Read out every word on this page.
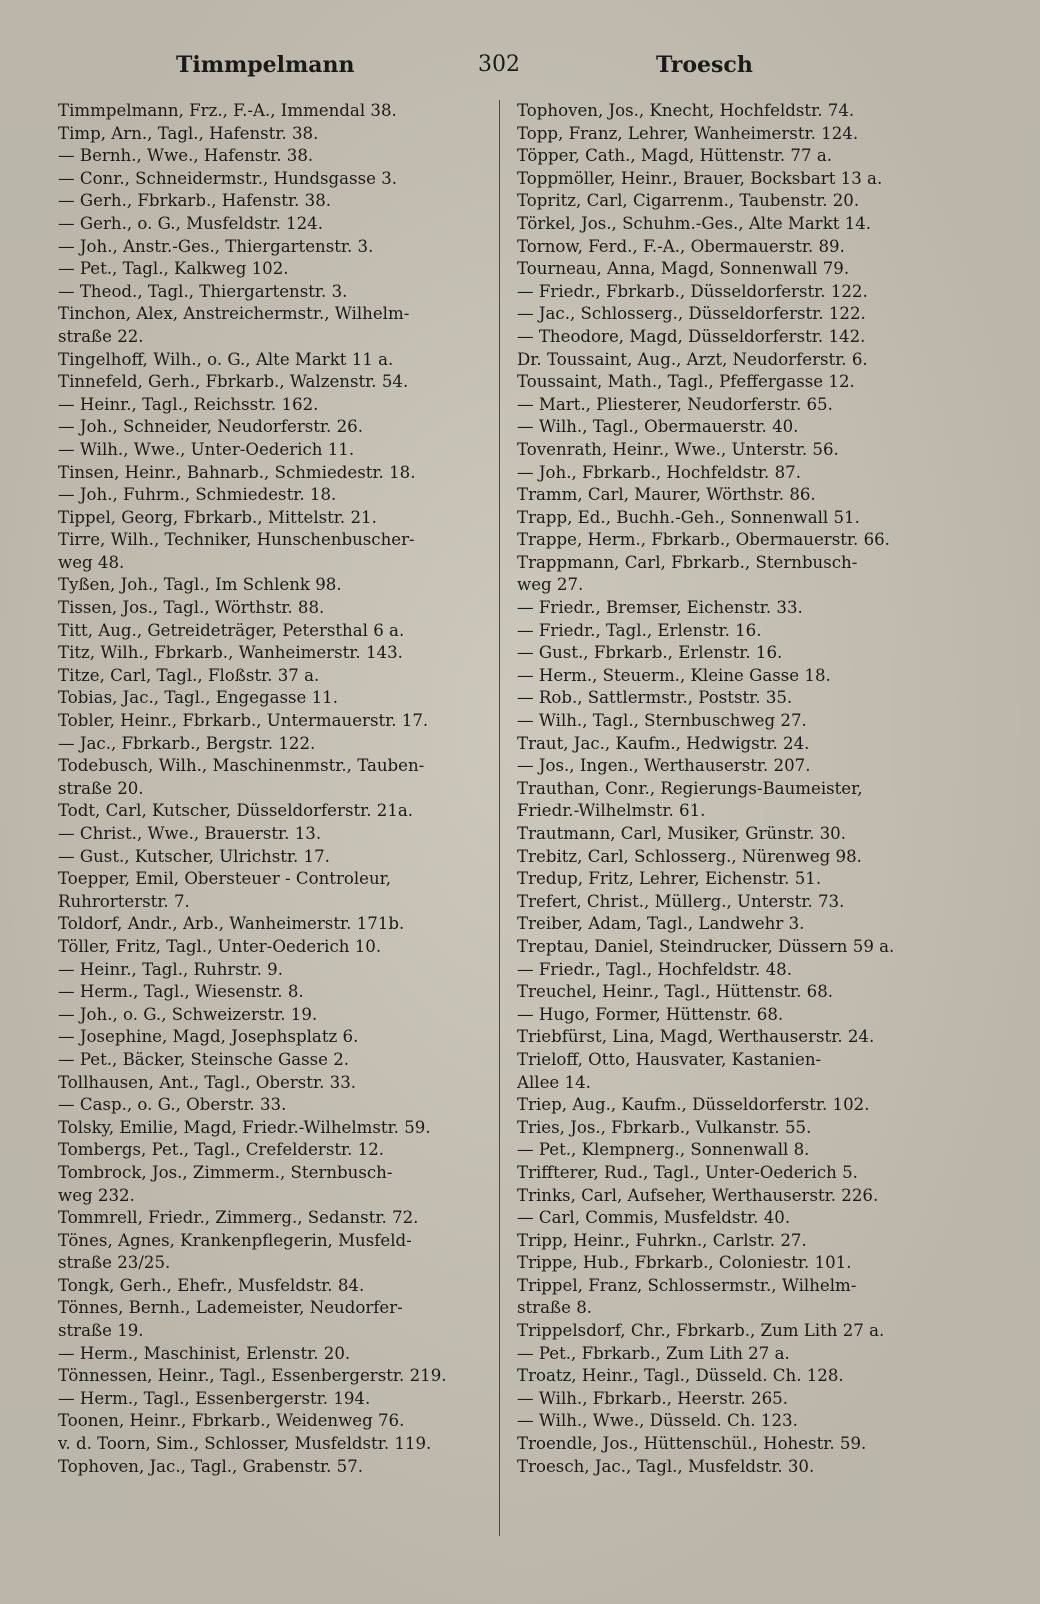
Timmpelmann	302	Troesch

Timmpelmann, Frz., F.-A., Immendal 38.

Timp, Arn., Tagl., Hafenstr. 38.

— Bernh., Wwe., Hafenstr. 38.

— Conr., Schneidermstr., Hundsgasse 3.

— Gerh., Fbrkarb., Hafenstr. 38.

— Gerh., o. G., Musfeldstr. 124.

— Joh., Anstr.-Ges., Thiergartenstr. 3.

— Pet., Tagl., Kalkweg 102.

— Theod., Tagl., Thiergartenstr. 3.

Tinchon, Alex, Anstreichermstr., Wilhelm-

straße 22.

Tingelhoff, Wilh., o. G., Alte Markt 11 a.

Tinnefeld, Gerh., Fbrkarb., Walzenstr. 54.

— Heinr., Tagl., Reichsstr. 162.

— Joh., Schneider, Neudorferstr. 26.

— Wilh., Wwe., Unter-Oederich 11.

Tinsen, Heinr., Bahnarb., Schmiedestr. 18.

— Joh., Fuhrm., Schmiedestr. 18.

Tippel, Georg, Fbrkarb., Mittelstr. 21.

Tirre, Wilh., Techniker, Hunschenbuscher-

weg 48.

Tyßen, Joh., Tagl., Im Schlenk 98.

Tissen, Jos., Tagl., Wörthstr. 88.

Titt, Aug., Getreideträger, Petersthal 6 a.

Titz, Wilh., Fbrkarb., Wanheimerstr. 143.

Titze, Carl, Tagl., Floßstr. 37 a.

Tobias, Jac., Tagl., Engegasse 11.

Tobler, Heinr., Fbrkarb., Untermauerstr. 17.

— Jac., Fbrkarb., Bergstr. 122.

Todebusch, Wilh., Maschinenmstr., Tauben-

straße 20.

Todt, Carl, Kutscher, Düsseldorferstr. 21a.

— Christ., Wwe., Brauerstr. 13.

— Gust., Kutscher, Ulrichstr. 17.

Toepper, Emil, Obersteuer - Controleur,

Ruhrorterstr. 7.

Toldorf, Andr., Arb., Wanheimerstr. 171b.

Töller, Fritz, Tagl., Unter-Oederich 10.

— Heinr., Tagl., Ruhrstr. 9.

— Herm., Tagl., Wiesenstr. 8.

— Joh., o. G., Schweizerstr. 19.

— Josephine, Magd, Josephsplatz 6.

— Pet., Bäcker, Steinsche Gasse 2.

Tollhausen, Ant., Tagl., Oberstr. 33.

— Casp., o. G., Oberstr. 33.

Tolsky, Emilie, Magd, Friedr.-Wilhelmstr. 59.

Tombergs, Pet., Tagl., Crefelderstr. 12.

Tombrock, Jos., Zimmerm., Sternbusch-

weg 232.

Tommrell, Friedr., Zimmerg., Sedanstr. 72.

Tönes, Agnes, Krankenpflegerin, Musfeld-

straße 23/25.

Tongk, Gerh., Ehefr., Musfeldstr. 84.

Tönnes, Bernh., Lademeister, Neudorfer-

straße 19.

— Herm., Maschinist, Erlenstr. 20.

Tönnessen, Heinr., Tagl., Essenbergerstr. 219.

— Herm., Tagl., Essenbergerstr. 194.

Toonen, Heinr., Fbrkarb., Weidenweg 76.

v. d. Toorn, Sim., Schlosser, Musfeldstr. 119.

Tophoven, Jac., Tagl., Grabenstr. 57.

Tophoven, Jos., Knecht, Hochfeldstr. 74.

Topp, Franz, Lehrer, Wanheimerstr. 124.

Töpper, Cath., Magd, Hüttenstr. 77 a.

Toppmöller, Heinr., Brauer, Bocksbart 13 a.

Topritz, Carl, Cigarrenm., Taubenstr. 20.

Törkel, Jos., Schuhm.-Ges., Alte Markt 14.

Tornow, Ferd., F.-A., Obermauerstr. 89.

Tourneau, Anna, Magd, Sonnenwall 79.

— Friedr., Fbrkarb., Düsseldorferstr. 122.

— Jac., Schlosserg., Düsseldorferstr. 122.

— Theodore, Magd, Düsseldorferstr. 142.

Dr. Toussaint, Aug., Arzt, Neudorferstr. 6.

Toussaint, Math., Tagl., Pfeffergasse 12.

— Mart., Pliesterer, Neudorferstr. 65.

— Wilh., Tagl., Obermauerstr. 40.

Tovenrath, Heinr., Wwe., Unterstr. 56.

— Joh., Fbrkarb., Hochfeldstr. 87.

Tramm, Carl, Maurer, Wörthstr. 86.

Trapp, Ed., Buchh.-Geh., Sonnenwall 51.

Trappe, Herm., Fbrkarb., Obermauerstr. 66.

Trappmann, Carl, Fbrkarb., Sternbusch-

weg 27.

— Friedr., Bremser, Eichenstr. 33.

— Friedr., Tagl., Erlenstr. 16.

— Gust., Fbrkarb., Erlenstr. 16.

— Herm., Steuerm., Kleine Gasse 18.

— Rob., Sattlermstr., Poststr. 35.

— Wilh., Tagl., Sternbuschweg 27.

Traut, Jac., Kaufm., Hedwigstr. 24.

— Jos., Ingen., Werthauserstr. 207.

Trauthan, Conr., Regierungs-Baumeister,

Friedr.-Wilhelmstr. 61.

Trautmann, Carl, Musiker, Grünstr. 30.

Trebitz, Carl, Schlosserg., Nürenweg 98.

Tredup, Fritz, Lehrer, Eichenstr. 51.

Trefert, Christ., Müllerg., Unterstr. 73.

Treiber, Adam, Tagl., Landwehr 3.

Treptau, Daniel, Steindrucker, Düssern 59 a.

— Friedr., Tagl., Hochfeldstr. 48.

Treuchel, Heinr., Tagl., Hüttenstr. 68.

— Hugo, Former, Hüttenstr. 68.

Triebfürst, Lina, Magd, Werthauserstr. 24.

Trieloff, Otto, Hausvater, Kastanien-

Allee 14.

Triep, Aug., Kaufm., Düsseldorferstr. 102.

Tries, Jos., Fbrkarb., Vulkanstr. 55.

— Pet., Klempnerg., Sonnenwall 8.

Triffterer, Rud., Tagl., Unter-Oederich 5.

Trinks, Carl, Aufseher, Werthauserstr. 226.

— Carl, Commis, Musfeldstr. 40.

Tripp, Heinr., Fuhrkn., Carlstr. 27.

Trippe, Hub., Fbrkarb., Coloniestr. 101.

Trippel, Franz, Schlossermstr., Wilhelm-

straße 8.

Trippelsdorf, Chr., Fbrkarb., Zum Lith 27 a.

— Pet., Fbrkarb., Zum Lith 27 a.

Troatz, Heinr., Tagl., Düsseld. Ch. 128.

— Wilh., Fbrkarb., Heerstr. 265.

— Wilh., Wwe., Düsseld. Ch. 123.

Troendle, Jos., Hüttenschül., Hohestr. 59.

Troesch, Jac., Tagl., Musfeldstr. 30.
